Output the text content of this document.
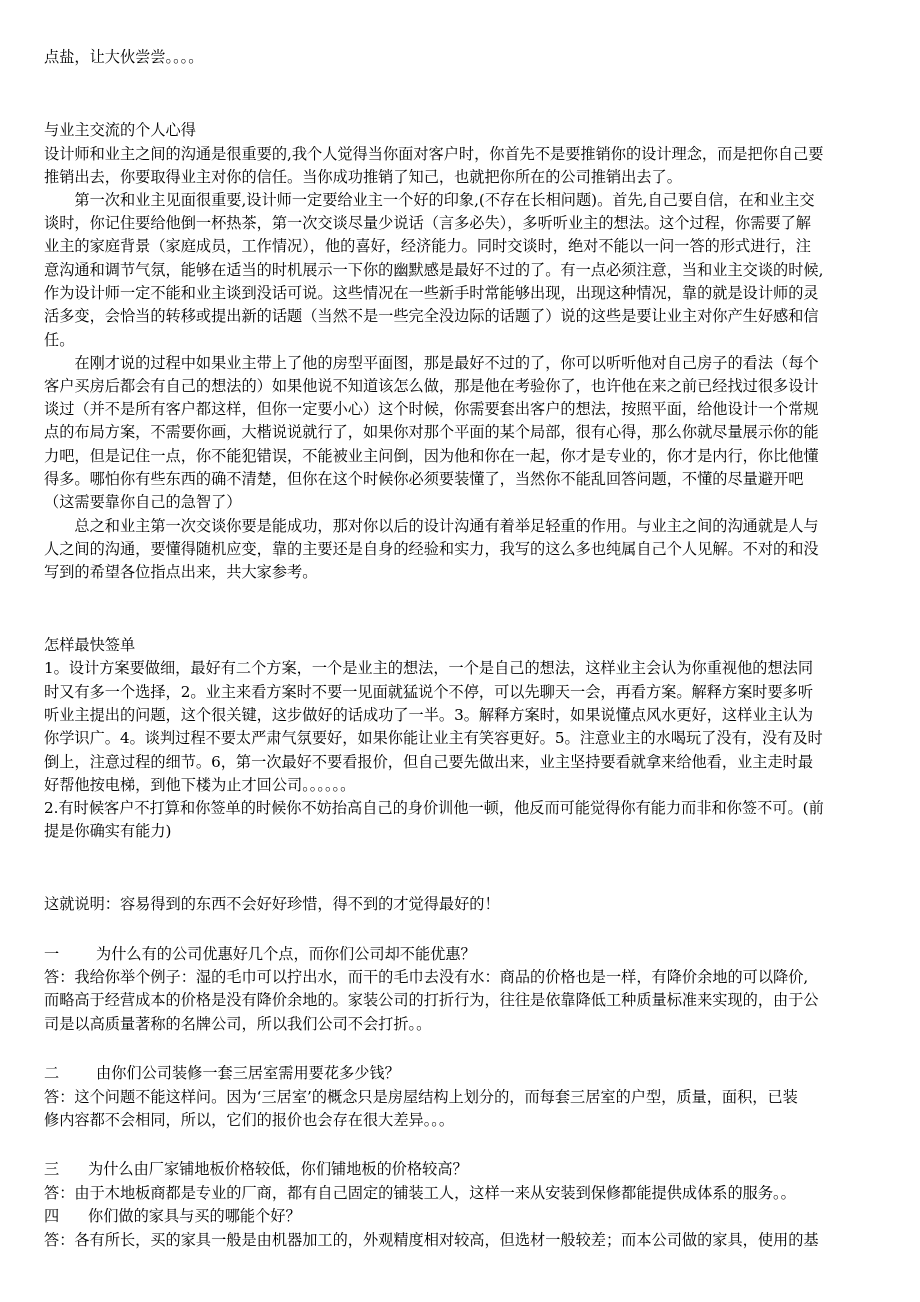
点盐，让大伙尝尝。。。。
与业主交流的个人心得
设计师和业主之间的沟通是很重要的,我个人觉得当你面对客户时，你首先不是要推销你的设计理念，而是把你自己要
推销出去，你要取得业主对你的信任。当你成功推销了知己，也就把你所在的公司推销出去了。
　　第一次和业主见面很重要,设计师一定要给业主一个好的印象,(不存在长相问题)。首先,自己要自信，在和业主交
谈时，你记住要给他倒一杯热茶，第一次交谈尽量少说话（言多必失），多听听业主的想法。这个过程，你需要了解
业主的家庭背景（家庭成员，工作情况），他的喜好，经济能力。同时交谈时，绝对不能以一问一答的形式进行，注
意沟通和调节气氛，能够在适当的时机展示一下你的幽默感是最好不过的了。有一点必须注意，当和业主交谈的时候,
作为设计师一定不能和业主谈到没话可说。这些情况在一些新手时常能够出现，出现这种情况，靠的就是设计师的灵
活多变，会恰当的转移或提出新的话题（当然不是一些完全没边际的话题了）说的这些是要让业主对你产生好感和信
任。
　　在刚才说的过程中如果业主带上了他的房型平面图，那是最好不过的了，你可以听听他对自己房子的看法（每个
客户买房后都会有自己的想法的）如果他说不知道该怎么做，那是他在考验你了，也许他在来之前已经找过很多设计
谈过（并不是所有客户都这样，但你一定要小心）这个时候，你需要套出客户的想法，按照平面，给他设计一个常规
点的布局方案，不需要你画，大楷说说就行了，如果你对那个平面的某个局部，很有心得，那么你就尽量展示你的能
力吧，但是记住一点，你不能犯错误，不能被业主问倒，因为他和你在一起，你才是专业的，你才是内行，你比他懂
得多。哪怕你有些东西的确不清楚，但你在这个时候你必须要装懂了，当然你不能乱回答问题，不懂的尽量避开吧
（这需要靠你自己的急智了）
　　总之和业主第一次交谈你要是能成功，那对你以后的设计沟通有着举足轻重的作用。与业主之间的沟通就是人与
人之间的沟通，要懂得随机应变，靠的主要还是自身的经验和实力，我写的这么多也纯属自己个人见解。不对的和没
写到的希望各位指点出来，共大家参考。
怎样最快签单
1。设计方案要做细，最好有二个方案，一个是业主的想法，一个是自己的想法，这样业主会认为你重视他的想法同
时又有多一个选择，2。业主来看方案时不要一见面就猛说个不停，可以先聊天一会，再看方案。解释方案时要多听
听业主提出的问题，这个很关键，这步做好的话成功了一半。3。解释方案时，如果说懂点风水更好，这样业主认为
你学识广。4。谈判过程不要太严肃气氛要好，如果你能让业主有笑容更好。5。注意业主的水喝玩了没有，没有及时
倒上，注意过程的细节。6，第一次最好不要看报价，但自己要先做出来，业主坚持要看就拿来给他看，业主走时最
好帮他按电梯，到他下楼为止才回公司。。。。。。
2.有时候客户不打算和你签单的时候你不妨抬高自己的身价训他一顿，他反而可能觉得你有能力而非和你签不可。(前
提是你确实有能力)
这就说明：容易得到的东西不会好好珍惜，得不到的才觉得最好的！
一 为什么有的公司优惠好几个点，而你们公司却不能优惠？
答：我给你举个例子：湿的毛巾可以拧出水，而干的毛巾去没有水：商品的价格也是一样，有降价余地的可以降价,
而略高于经营成本的价格是没有降价余地的。家装公司的打折行为，往往是依靠降低工种质量标准来实现的，由于公
司是以高质量著称的名牌公司，所以我们公司不会打折。。
二 由你们公司装修一套三居室需用要花多少钱？
答：这个问题不能这样问。因为‘三居室’的概念只是房屋结构上划分的，而每套三居室的户型，质量，面积，已装
修内容都不会相同，所以，它们的报价也会存在很大差异。。。
三 为什么由厂家铺地板价格较低，你们铺地板的价格较高？
答：由于木地板商都是专业的厂商，都有自己固定的铺装工人，这样一来从安装到保修都能提供成体系的服务。。
四 你们做的家具与买的哪能个好？
答：各有所长，买的家具一般是由机器加工的，外观精度相对较高，但选材一般较差；而本公司做的家具，使用的基
